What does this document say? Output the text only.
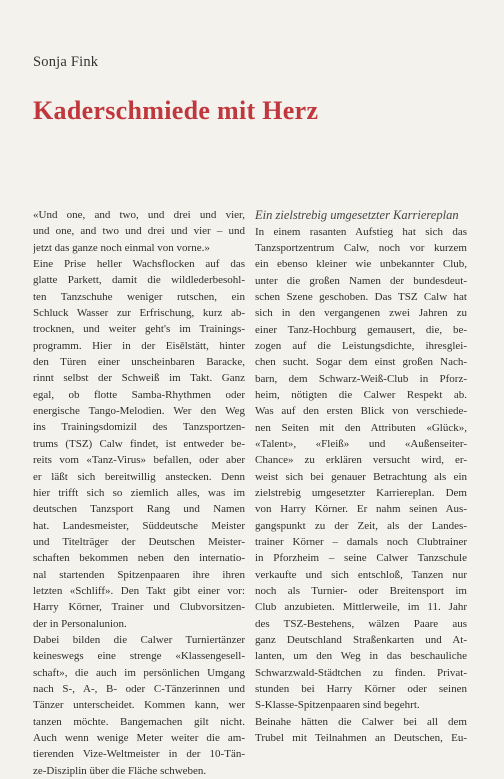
Sonja Fink
Kaderschmiede mit Herz
«Und one, and two, und drei und vier,
und one, and two und drei und vier – und
jetzt das ganze noch einmal von vorne.»
Eine Prise heller Wachsflocken auf das
glatte Parkett, damit die wildlederbesohl-
ten Tanzschuhe weniger rutschen, ein
Schluck Wasser zur Erfrischung, kurz ab-
trocknen, und weiter geht's im Trainings-
programm. Hier in der Eisělstätt, hinter
den Türen einer unscheinbaren Baracke,
rinnt selbst der Schweiß im Takt. Ganz
egal, ob flotte Samba-Rhythmen oder
energische Tango-Melodien. Wer den Weg
ins Trainingsdomizil des Tanzsportzen-
trums (TSZ) Calw findet, ist entweder be-
reits vom «Tanz-Virus» befallen, oder aber
er läßt sich bereitwillig anstecken. Denn
hier trifft sich so ziemlich alles, was im
deutschen Tanzsport Rang und Namen
hat. Landesmeister, Süddeutsche Meister
und Titelträger der Deutschen Meister-
schaften bekommen neben den internatio-
nal startenden Spitzenpaaren ihre ihren
letzten «Schliff». Den Takt gibt einer vor:
Harry Körner, Trainer und Clubvorsitzen-
der in Personalunion.
Dabei bilden die Calwer Turniertänzer
keineswegs eine strenge «Klassengesell-
schaft», die auch im persönlichen Umgang
nach S-, A-, B- oder C-Tänzerinnen und
Tänzer unterscheidet. Kommen kann, wer
tanzen möchte. Bangemachen gilt nicht.
Auch wenn wenige Meter weiter die am-
tierenden Vize-Weltmeister in der 10-Tän-
ze-Disziplin über die Fläche schweben.

Ein zielstrebig umgesetzter Karriereplan

In einem rasanten Aufstieg hat sich das
Tanzsportzentrum Calw, noch vor kurzem
ein ebenso kleiner wie unbekannter Club,
unter die großen Namen der bundesdeut-
schen Szene geschoben. Das TSZ Calw hat
sich in den vergangenen zwei Jahren zu
einer Tanz-Hochburg gemausert, die, be-
zogen auf die Leistungsdichte, ihresglei-
chen sucht. Sogar dem einst großen Nach-
barn, dem Schwarz-Weiß-Club in Pforz-
heim, nötigten die Calwer Respekt ab.
Was auf den ersten Blick von verschiede-
nen Seiten mit den Attributen «Glück»,
«Talent», «Fleiß» und «Außenseiter-
Chance» zu erklären versucht wird, er-
weist sich bei genauer Betrachtung als ein
zielstrebig umgesetzter Karriereplan. Dem
von Harry Körner. Er nahm seinen Aus-
gangspunkt zu der Zeit, als der Landes-
trainer Körner – damals noch Clubtrainer
in Pforzheim – seine Calwer Tanzschule
verkaufte und sich entschloß, Tanzen nur
noch als Turnier- oder Breitensport im
Club anzubieten. Mittlerweile, im 11. Jahr
des TSZ-Bestehens, wälzen Paare aus
ganz Deutschland Straßenkarten und At-
lanten, um den Weg in das beschauliche
Schwarzwald-Städtchen zu finden. Privat-
stunden bei Harry Körner oder seinen
S-Klasse-Spitzenpaaren sind begehrt.
Beinahe hätten die Calwer bei all dem
Trubel mit Teilnahmen an Deutschen, Eu-
